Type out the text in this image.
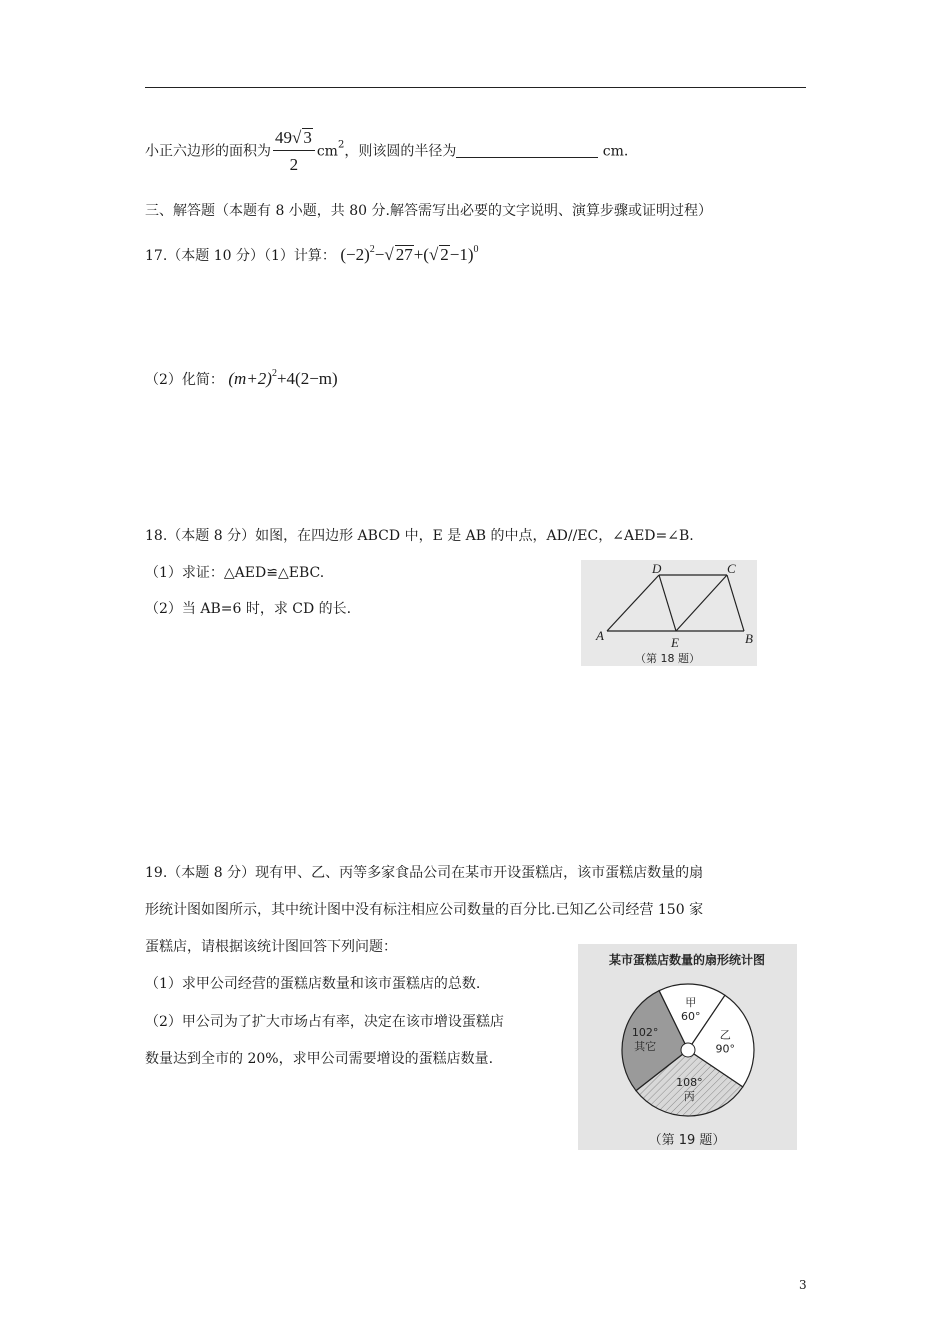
小正六边形的面积为 $\frac{49√ 3}{2} cm^2$，则该圆的半径为	cm.
三、解答题（本题有 8 小题，共 80 分.解答需写出必要的文字说明、演算步骤或证明过程）
17.（本题 10 分）（1）计算： $(-2)^2-√$ 27+(√ 2−1)$^0$
（2）化简： $(m+2)^2+4(2-m)$
18.（本题 8 分）如图，在四边形 ABCD 中，E 是 AB 的中点，AD//EC，∠AED=∠B.
（1）求证：△AED≌△EBC.
（2）当 AB=6 时，求 CD 的长.
A	B
C
D
E
（第 18 题）
19.（本题 8 分）现有甲、乙、丙等多家食品公司在某市开设蛋糕店，该市蛋糕店数量的扇
形统计图如图所示，其中统计图中没有标注相应公司数量的百分比.已知乙公司经营 150 家
蛋糕店，请根据该统计图回答下列问题：
（1）求甲公司经营的蛋糕店数量和该市蛋糕店的总数.
（2）甲公司为了扩大市场占有率，决定在该市增设蛋糕店
数量达到全市的 20%，求甲公司需要增设的蛋糕店数量.
某市蛋糕店数量的扇形统计图
甲
60°
乙
90°
丙
108°
其它
102°
（第 19 题）
3
